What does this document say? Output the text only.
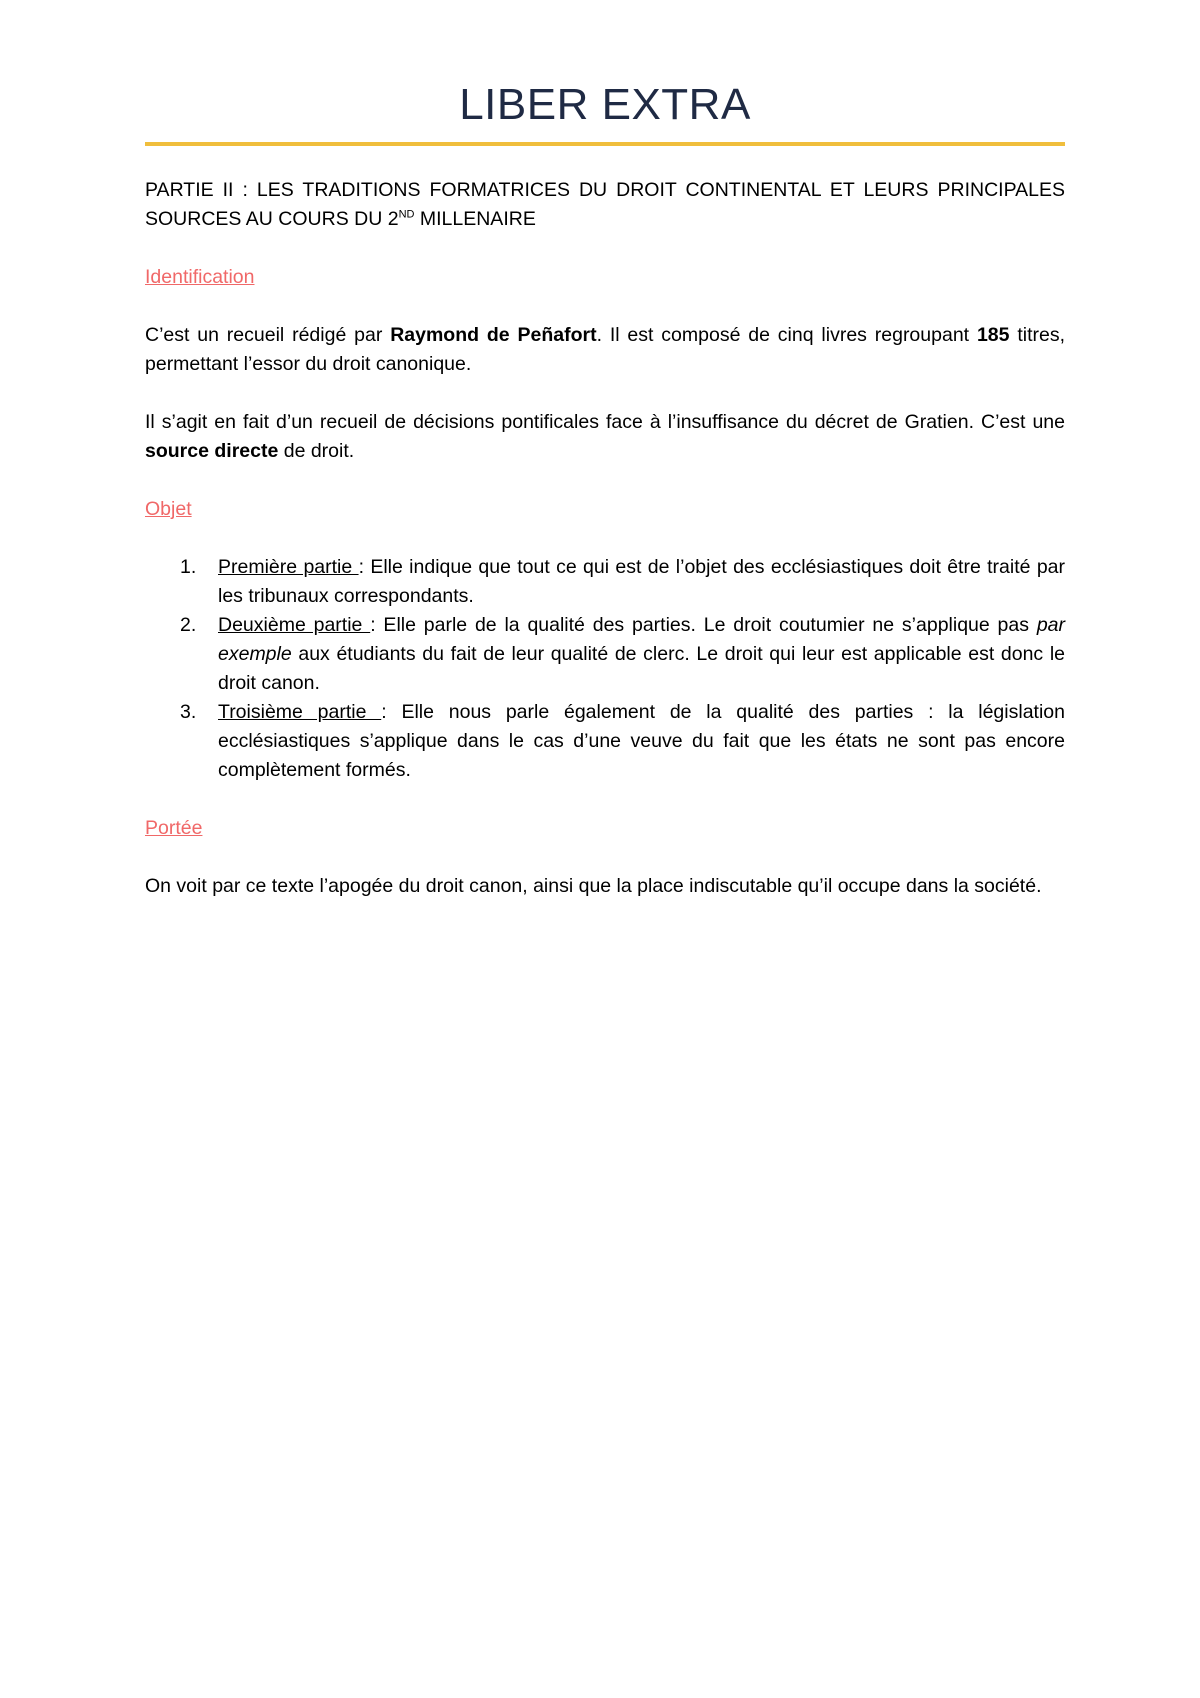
LIBER EXTRA
PARTIE II : LES TRADITIONS FORMATRICES DU DROIT CONTINENTAL ET LEURS PRINCIPALES SOURCES AU COURS DU 2ND MILLENAIRE
Identification
C’est un recueil rédigé par Raymond de Peñafort. Il est composé de cinq livres regroupant 185 titres, permettant l’essor du droit canonique.
Il s’agit en fait d’un recueil de décisions pontificales face à l’insuffisance du décret de Gratien. C’est une source directe de droit.
Objet
1. Première partie : Elle indique que tout ce qui est de l’objet des ecclésiastiques doit être traité par les tribunaux correspondants.
2. Deuxième partie : Elle parle de la qualité des parties. Le droit coutumier ne s’applique pas par exemple aux étudiants du fait de leur qualité de clerc. Le droit qui leur est applicable est donc le droit canon.
3. Troisième partie : Elle nous parle également de la qualité des parties : la législation ecclésiastiques s’applique dans le cas d’une veuve du fait que les états ne sont pas encore complètement formés.
Portée
On voit par ce texte l’apogée du droit canon, ainsi que la place indiscutable qu’il occupe dans la société.
